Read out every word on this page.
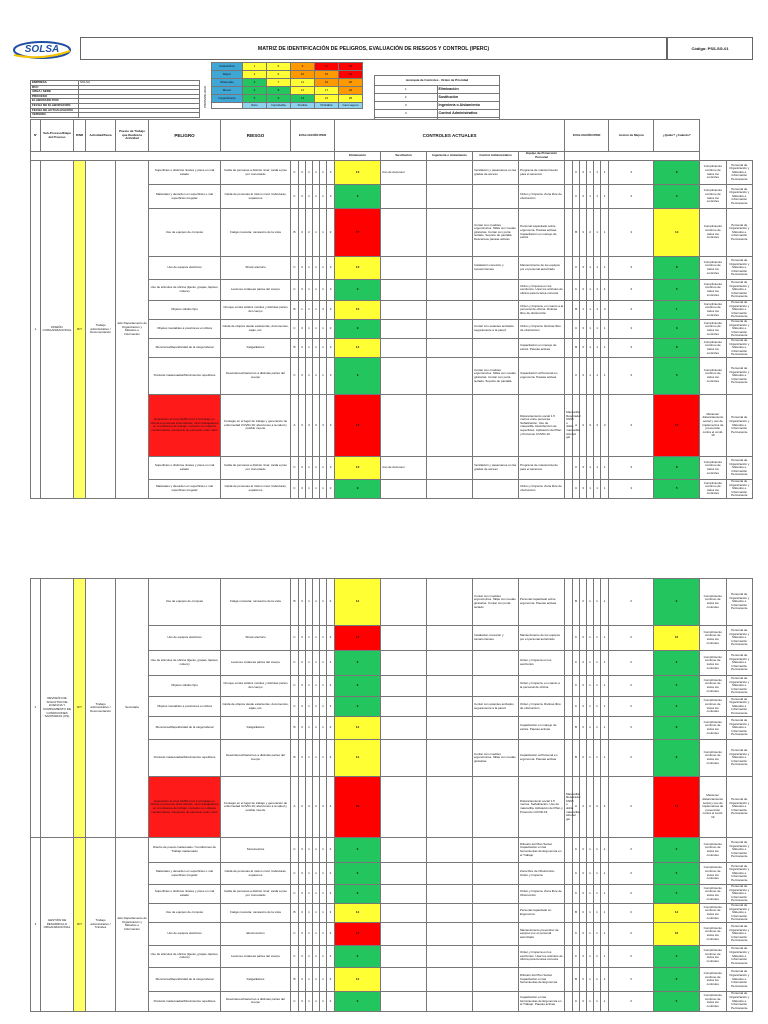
SOLSA	MATRIZ DE IDENTIFICACIÓN DE PELIGROS, EVALUACIÓN DE RIESGOS Y CONTROL (IPERC)	Código: PSS-SG-01
EMPRESA	SOLSA
RUC	
ÁREA / SEDE	
PROCESO	
ELABORADO POR	
FECHA DE ELABORACIÓN	
FECHA DE ACTUALIZACIÓN	
VERSIÓN	
PROBABILIDAD
Catastrófico	1	5	9	14	18
Mayor	2	6	10	15	19
Moderado	3	7	11	16	20
Menor	4	8	12	17	22
Insignificante	5	9	13	21	25
	Raro	Improbable	Posible	Probable	Casi seguro
Jerarquía de Controles - Orden de Prioridad	
1	Eliminación
2	Sustitución
3	Ingeniería o Aislamiento
4	Control Administrativo

N°	Sub-Proceso/Etapa del Proceso	R/NR	Actividad/Tarea	Puesto de Trabajo que Realiza la Actividad	PELIGRO	RIESGO	EVALUACIÓN IPER						CONTROLES ACTUALES					EVALUACIÓN IPER						Acción de Mejora	¿Quién? ¿Cuándo?		
													Eliminación	Sustitución	Ingeniería o Aislamiento	Control Administrativo	Equipo de Protección Personal										
1	DISEÑO CORGANIZACIONAL	R/T	Trabajo administrativo / Documentación	Jefe Departamento de Organización y Métodos e Información	Superficies o distintos niveles y pisos en mal estado	Caída de personas a distinto nivel; caída a piso por mal estado	C	3	1	1	1	3	13	Uso de Ascensor		Ventilación y pasamanos en las gradas de acceso	Programa de mantenimiento para el ascensor		C	3	1	1	1	3	8	Cumplimiento continuo de todos los controles	Personal de Organización y Métodos e Información Permanente
					Materiales y desorden en superficies o mal superficies irregular	Caída de personas al mismo nivel; traboduras, espasmos	C	3	1	1	1	3	9				Orden y limpieza. Zona libre de obstrucción		C	3	1	1	1	3	5	Cumplimiento continuo de todos los controles	Personal de Organización y Métodos e Información Permanente
					Uso de equipos de cómputo	Fatiga muscular, cansancio de la vista	B	3	2	1	1	3	17			Contar con muebles ergonómicos. Sillas con ruedas giratorias. Contar con porta teclado. Soporte de pantalla. Descansos pausas activas	Personal capacitado sobre ergonomía. Pausas activas. Capacitación en manejo de estrés		B	3	2	1	1	3	14	Cumplimiento continuo de todos los controles	Personal de Organización y Métodos e Información Permanente
					Uso de equipos eléctricos	Shock eléctrico	C	3	1	1	1	3	13			Instalación conexión y tomacorrientes	Mantenimiento de los equipos por el personal autorizado		C	3	1	1	1	3	8	Cumplimiento continuo de todos los controles	Personal de Organización y Métodos e Información Permanente
					Uso de artículos de oficina (tijeras, grapas, lápices, cutters)	Lesiones cutáneas partes del cuerpo	C	3	1	1	1	3	9				Orden y limpieza en los escritorios. Usar los artículos de oficina para la tarea correcta		C	3	1	1	1	3	5	Cumplimiento continuo de todos los controles	Personal de Organización y Métodos e Información Permanente
					Objetos sólidos fijos	Choque contra sólidos móviles y distintas partes del cuerpo	B	1	1	1	4	3	15				Orden y limpieza, en cuanto a la personal de oficina. Rutinas libre de obstrucción		B	1	1	1	4	3	1	Cumplimiento continuo de todos los controles	Personal de Organización y Métodos e Información Permanente
					Objetos inestables a posiciones en Altura	Caída de objetos desde estanterías, documentos, cajas, etc.	C	3	1	1	1	3	9			Contar con estantes anclados seguramente a la pared	Orden y limpieza. Rutinas libre de obstrucción		C	3	1	1	1	3	3	Cumplimiento continuo de todos los controles	Personal de Organización y Métodos e Información Permanente
					Monotonía/Repetitividad de la carga laboral	Fatiga/Estrés	B	3	1	1	1	3	14				Capacitación en manejo de estrés. Pausas activas		B	3	1	1	1	3	8	Cumplimiento continuo de todos los controles	Personal de Organización y Métodos e Información Permanente
					Posturas inadecuadas/Movimientos repetitivos	Desórdenes/trastornos a distintas partes del cuerpo	C	3	1	1	1	3	9			Contar con muebles ergonómicos. Sillas con ruedas giratorias. Contar con porta teclado. Soporte de pantalla	Capacitación al Personal en ergonomía. Pausas activas		C	3	1	1	1	3	5	Cumplimiento continuo de todos los controles	Personal de Organización y Métodos e Información Permanente
					Exposición al virus SARS-CoV-2 al trabajo en oficina a personas sintomáticas, otros trabajadores en el ambiente de trabajo, contacto con objetos contaminados, transporte de personal, entre otros	Contagio en el lugar de trabajo y generación de enfermedad COVID-19; afecciones a la salud y posible muerte	A	3	3	3	3	3	19				Distanciamiento social 1.5 metros entre personas. Señalización. Uso de mascarilla. Desinfección de superficies. Aplicación del Plan y Protocolo COVID-19	Mascarilla. Respirador KN95 o doble mascarilla. Alcohol gel	A	3	3	3	3	3	17	Mantener distanciamiento social y uso de implementos de prevención contra el covid-19	Personal de Organización y Métodos e Información Permanente
					Superficies o distintos niveles y pisos en mal estado	Caída de personas a distinto nivel; caída a piso por mal estado	C	3	1	1	1	3	13	Uso de Ascensor		Ventilación y pasamanos en las gradas de acceso	Programa de mantenimiento para el ascensor		C	3	1	1	1	3	8	Cumplimiento continuo de todos los controles	Personal de Organización y Métodos e Información Permanente
					Materiales y desorden en superficies o mal superficies irregular	Caída de personas al mismo nivel; traboduras, espasmos	C	3	1	1	1	3	9				Orden y limpieza. Zona libre de obstrucción		C	3	1	1	1	3	5	Cumplimiento continuo de todos los controles	Personal de Organización y Métodos e Información Permanente
2	REVISIÓN DE SOLICITUD DE LICENCIA Y CUMPLIMIENTO DE CONDICIONES SANITARIAS (OS)	R/T	Trabajo administrativo / Documentación	Secretaria	Uso de equipos de cómputo	Fatiga muscular, cansancio de la vista	B	3	1	1	1	3	14			Contar con muebles ergonómicos. Sillas con ruedas giratorias. Contar con porta teclado	Personal capacitado sobre ergonomía. Pausas activas		B	3	1	1	1	3	9	Cumplimiento continuo de todos los controles	Personal de Organización y Métodos e Información Permanente
					Uso de equipos eléctricos	Shock eléctrico	C	3	1	1	1	3	17			Instalación conexión y tomacorrientes	Mantenimiento de los equipos por el personal autorizado		C	3	1	1	1	3	12	Cumplimiento continuo de todos los controles	Personal de Organización y Métodos e Información Permanente
					Uso de artículos de oficina (tijeras, grapas, lápices, cutters)	Lesiones cutáneas partes del cuerpo	C	3	1	1	1	3	6				Orden y limpieza en los escritorios		C	3	1	1	1	3	3	Cumplimiento continuo de todos los controles	Personal de Organización y Métodos e Información Permanente
					Objetos sólidos fijos	Choque contra sólidos móviles y distintas partes del cuerpo	C	3	1	1	1	3	9				Orden y limpieza, en cuanto a la personal de oficina		C	3	1	1	1	3	5	Cumplimiento continuo de todos los controles	Personal de Organización y Métodos e Información Permanente
					Objetos inestables a posiciones en Altura	Caída de objetos desde estanterías, documentos, cajas, etc.	C	3	1	1	1	3	9			Contar con estantes anclados seguramente a la pared	Orden y limpieza. Rutinas libre de obstrucción		C	3	1	1	1	3	3	Cumplimiento continuo de todos los controles	Personal de Organización y Métodos e Información Permanente
					Monotonía/Repetitividad de la carga laboral	Fatiga/Estrés	B	3	1	1	1	3	14				Capacitación en manejo de estrés. Pausas activas		B	3	1	1	1	3	8	Cumplimiento continuo de todos los controles	Personal de Organización y Métodos e Información Permanente
					Posturas inadecuadas/Movimientos repetitivos	Desórdenes/trastornos a distintas partes del cuerpo	B	3	1	1	1	3	14			Contar con muebles ergonómicos. Sillas con ruedas giratorias	Capacitación al Personal en ergonomía. Pausas activas		B	3	1	1	1	3	8	Cumplimiento continuo de todos los controles	Personal de Organización y Métodos e Información Permanente
					Exposición al virus SARS-CoV-2 al trabajo en oficina a personas sintomáticas, otros trabajadores en el ambiente de trabajo, contacto con objetos contaminados, transporte de personal, entre otros	Contagio en el lugar de trabajo y generación de enfermedad COVID-19; afecciones a la salud y posible muerte	A	3	3	3	3	3	19				Distanciamiento social 1.5 metros. Señalización. Uso de mascarilla. Aplicación del Plan y Protocolo COVID-19	Mascarilla. Respirador KN95 o doble mascarilla. Alcohol gel	A	3	3	3	3	3	17	Mantener distanciamiento social y uso de implementos de prevención contra el covid-19	Personal de Organización y Métodos e Información Permanente
3	GESTIÓN DE DESARROLLO ORGANIZACIONAL	R/T	Trabajo administrativo / Trámites	Jefe Departamento de Organización y Métodos e Información	Diseño de puesto inadecuado / Condiciones de Trabajo inadecuado	Stress/estrés	C	3	1	1	1	3	9				Difusión del Plan Social. Capacitación en las herramientas de Ergonomía en el Trabajo		C	3	1	1	1	3	3	Cumplimiento continuo de todos los controles	Personal de Organización y Métodos e Información Permanente
					Materiales y desorden en superficies o mal superficies irregular	Caída de personas al mismo nivel; traboduras, espasmos	C	3	1	1	1	3	9				Zona libre de Obstrucción. Orden y limpieza		C	3	1	1	1	3	5	Cumplimiento continuo de todos los controles	Personal de Organización y Métodos e Información Permanente
					Superficies o distintos niveles y pisos en mal estado	Caída de personas a distinto nivel; caída a piso por mal estado	C	3	1	1	1	3	9				Orden y limpieza. Zona libre de Obstrucción		C	3	1	1	1	3	5	Cumplimiento continuo de todos los controles	Personal de Organización y Métodos e Información Permanente
					Uso de equipos de cómputo	Fatiga muscular, cansancio de la vista	B	3	1	1	1	3	14				Personal capacitado en Ergonomía		B	3	1	1	1	3	14	Cumplimiento continuo de todos los controles	Personal de Organización y Métodos e Información Permanente
					Uso de equipos eléctricos	Electrocución	C	3	1	1	1	3	17				Mantenimiento preventivo de equipos por el personal autorizado		C	3	1	1	1	3	12	Cumplimiento continuo de todos los controles	Personal de Organización y Métodos e Información Permanente
					Uso de artículos de oficina (tijeras, grapas, lápices, cutters)	Lesiones cutáneas partes del cuerpo	C	3	1	1	1	3	6				Orden y limpieza en los escritorios. Usar los artículos de oficina para la tarea correcta		C	3	1	1	1	3	3	Cumplimiento continuo de todos los controles	Personal de Organización y Métodos e Información Permanente
					Monotonía/Repetitividad de la carga laboral	Fatiga/Estrés	B	3	1	1	1	3	14				Difusión del Plan Social. Capacitación en las herramientas de Ergonomía		B	3	1	1	1	3	8	Cumplimiento continuo de todos los controles	Personal de Organización y Métodos e Información Permanente
					Posturas inadecuadas/Movimientos repetitivos	Desórdenes/trastornos a distintas partes del cuerpo	C	3	1	1	1	3	9				Capacitación en las herramientas de Ergonomía en el Trabajo. Pausas activas		C	3	1	1	1	3	5	Cumplimiento continuo de todos los controles	Personal de Organización y Métodos e Información Permanente
